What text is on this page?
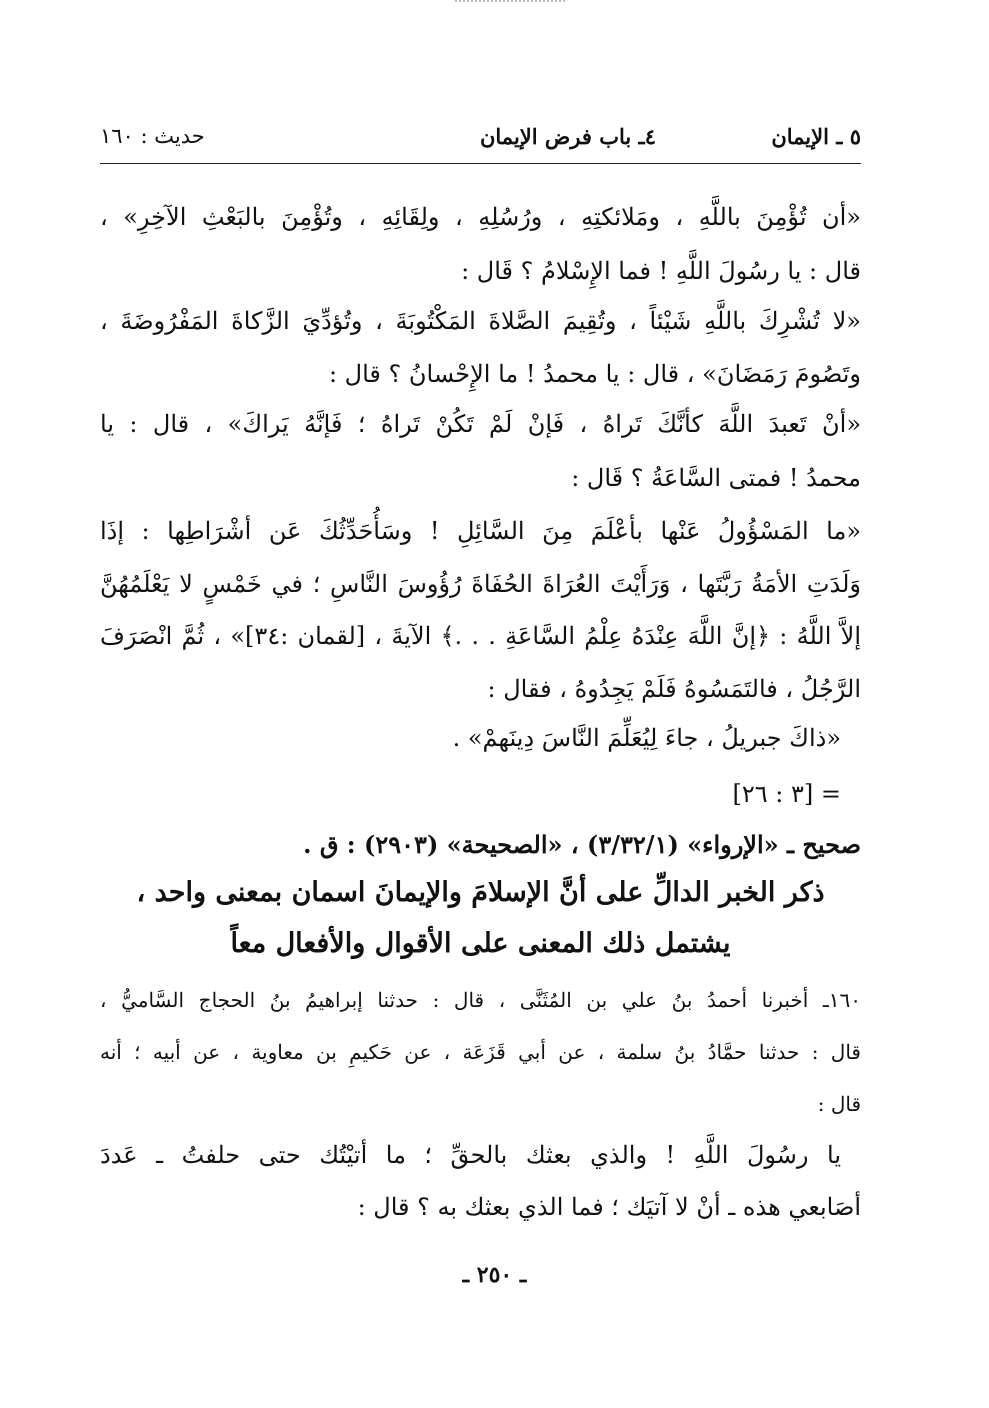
٥ ـ الإيمان
٤ـ باب فرض الإيمان
حديث : ١٦٠
«أن تُؤْمِنَ باللَّهِ ، ومَلائكتِهِ ، ورُسُلِهِ ، ولِقَائِهِ ، وتُؤْمِنَ بالبَعْثِ الآخِرِ» ،
قال : يا رسُولَ اللَّهِ ! فما الإِسْلامُ ؟ قَال :
«لا تُشْرِكَ باللَّهِ شَيْئاً ، وتُقِيمَ الصَّلاةَ المَكْتُوبَةَ ، وتُؤدِّيَ الزَّكاةَ المَفْرُوضَةَ ،
وتَصُومَ رَمَضَانَ» ، قال : يا محمدُ ! ما الإِحْسانُ ؟ قال :
«أنْ تَعبدَ اللَّهَ كأنَّكَ تَراهُ ، فَإنْ لَمْ تَكُنْ تَراهُ ؛ فَإنَّهُ يَراكَ» ، قال : يا
محمدُ ! فمتى السَّاعَةُ ؟ قَال :
«ما المَسْؤُولُ عَنْها بأعْلَمَ مِنَ السَّائِلِ ! وسَأُحَدِّثُكَ عَن أشْرَاطِها : إذَا
وَلَدَتِ الأمَةُ رَبَّتَها ، وَرَأَيْتَ العُرَاةَ الحُفَاةَ رُؤُوسَ النَّاسِ ؛ في خَمْسٍ لا يَعْلَمُهُنَّ
إلاَّ اللَّهُ : ﴿إنَّ اللَّهَ عِنْدَهُ عِلْمُ السَّاعَةِ . . .﴾ الآيةَ ، [لقمان :٣٤]» ، ثُمَّ انْصَرَفَ
الرَّجُلُ ، فالتَمَسُوهُ فَلَمْ يَجِدُوهُ ، فقال :
«ذاكَ جبريلُ ، جاءَ لِيُعَلِّمَ النَّاسَ دِينَهمْ» .
= [٣ : ٢٦]
صحيح ـ «الإرواء» (٣/٣٢/١) ، «الصحيحة» (٢٩٠٣) : ق .
ذكر الخبر الدالِّ على أنَّ الإسلامَ والإيمانَ اسمان بمعنى واحد ،
يشتمل ذلك المعنى على الأقوال والأفعال معاً
١٦٠ـ أخبرنا أحمدُ بنُ علي بن المُثَنَّى ، قال : حدثنا إبراهيمُ بنُ الحجاج السَّاميُّ ،
قال : حدثنا حمَّادُ بنُ سلمة ، عن أبي قَزَعَة ، عن حَكيمِ بن معاوية ، عن أبيه ؛ أنه
قال :
يا رسُولَ اللَّهِ ! والذي بعثك بالحقِّ ؛ ما أتيْتُك حتى حلفتُ ـ عَددَ
أصَابعي هذه ـ أنْ لا آتيَك ؛ فما الذي بعثك به ؟ قال :
ـ ٢٥٠ ـ
